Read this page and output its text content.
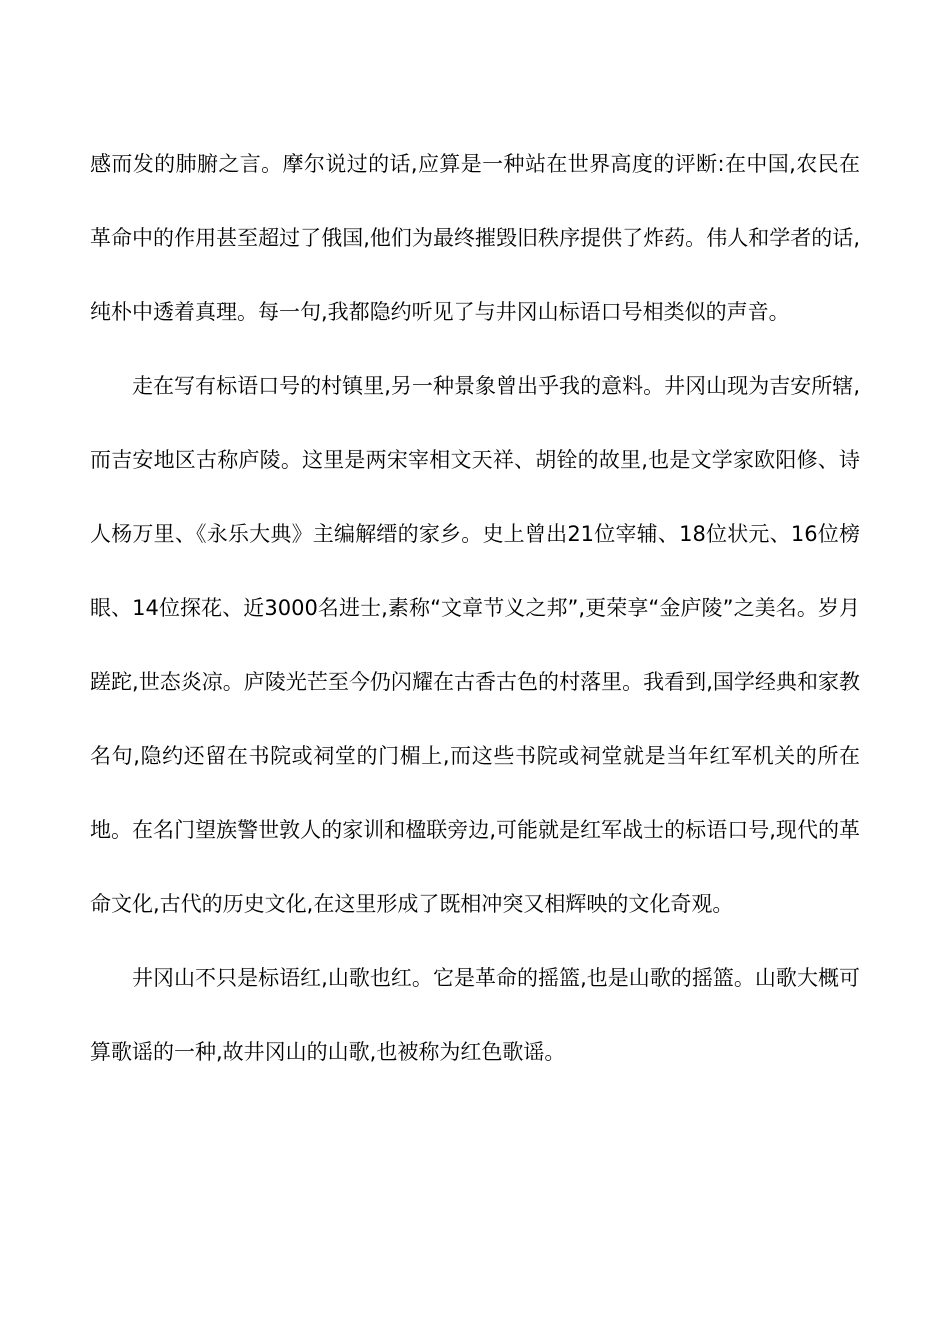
感而发的肺腑之言。摩尔说过的话,应算是一种站在世界高度的评断:在中国,农民在革命中的作用甚至超过了俄国,他们为最终摧毁旧秩序提供了炸药。伟人和学者的话,纯朴中透着真理。每一句,我都隐约听见了与井冈山标语口号相类似的声音。

走在写有标语口号的村镇里,另一种景象曾出乎我的意料。井冈山现为吉安所辖,而吉安地区古称庐陵。这里是两宋宰相文天祥、胡铨的故里,也是文学家欧阳修、诗人杨万里、《永乐大典》主编解缙的家乡。史上曾出21位宰辅、18位状元、16位榜眼、14位探花、近3000名进士,素称“文章节义之邦”,更荣享“金庐陵”之美名。岁月蹉跎,世态炎凉。庐陵光芒至今仍闪耀在古香古色的村落里。我看到,国学经典和家教名句,隐约还留在书院或祠堂的门楣上,而这些书院或祠堂就是当年红军机关的所在地。在名门望族警世敦人的家训和楹联旁边,可能就是红军战士的标语口号,现代的革命文化,古代的历史文化,在这里形成了既相冲突又相辉映的文化奇观。

井冈山不只是标语红,山歌也红。它是革命的摇篮,也是山歌的摇篮。山歌大概可算歌谣的一种,故井冈山的山歌,也被称为红色歌谣。
